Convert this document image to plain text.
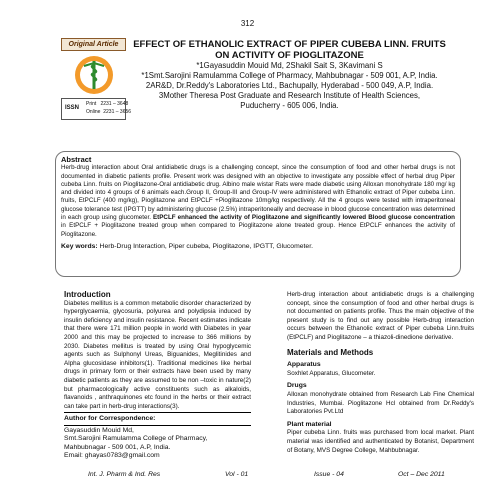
312
Original Article
ISSN
Print 2231 – 3648
Online 2231 – 3656
EFFECT OF ETHANOLIC EXTRACT OF PIPER CUBEBA LINN. FRUITS ON ACTIVITY OF PIOGLITAZONE
*1Gayasuddin Mouid Md, 2Shakil Sait S, 3Kavimani S
*1Smt.Sarojini Ramulamma College of Pharmacy, Mahbubnagar - 509 001, A.P, India.
2AR&D, Dr.Reddy's Laboratories Ltd., Bachupally, Hyderabad - 500 049, A.P, India.
3Mother Theresa Post Graduate and Research Institute of Health Sciences,
Puducherry - 605 006, India.
Abstract

Herb-drug interaction about Oral antidiabetic drugs is a challenging concept, since the consumption of food and other herbal drugs is not documented in diabetic patients profile. Present work was designed with an objective to investigate any possible effect of herbal drug Piper cubeba Linn. fruits on Pioglitazone-Oral antidiabetic drug. Albino male wistar Rats were made diabetic using Alloxan monohydrate 180 mg/ kg and divided into 4 groups of 6 animals each.Group II, Group-III and Group-IV were administered with Ethanolic extract of Piper cubeba Linn. fruits, EtPCLF (400 mg/kg), Pioglitazone and EtPCLF +Pioglitazone 10mg/kg respectively. All the 4 groups were tested with intraperitoneal glucose tolerance test (IPGTT) by administering glucose (2.5%) intraperitoneally and decrease in blood glucose concentration was determined in each group using glucometer. EtPCLF enhanced the activity of Pioglitazone and significantly lowered Blood glucose concentration in EtPCLF + Pioglitazone treated group when compared to Pioglitazone alone treated group. Hence EtPCLF enhances the activity of Pioglitazone.

Key words: Herb-Drug Interaction, Piper cubeba, Pioglitazone, IPGTT, Glucometer.

Introduction

Diabetes mellitus is a common metabolic disorder characterized by hyperglycaemia, glycosuria, polyurea and polydipsia induced by insulin deficiency and insulin resistance. Recent estimates indicate that there were 171 million people in world with Diabetes in year 2000 and this may be projected to increase to 366 millions by 2030. Diabetes mellitus is treated by using Oral hypoglycemic agents such as Sulphonyl Ureas, Biguanides, Meglitinides and Alpha glucosidase inhibitors(1). Traditional medicines like herbal drugs in primary form or their extracts have been used by many diabetic patients as they are assumed to be non –toxic in nature(2) but pharmacologically active constituents such as alkaloids, flavanoids , anthraquinones etc found in the herbs or their extract can take part in herb-drug interactions(3).

Author for Correspondence:
Gayasuddin Mouid Md,
Smt.Sarojini Ramulamma College of Pharmacy,
Mahbubnagar - 509 001, A.P, India.
Email: ghayas0783@gmail.com

Herb-drug interaction about antidiabetic drugs is a challenging concept, since the consumption of food and other herbal drugs is not documented on patients profile. Thus the main objective of the present study is to find out any possible Herb-drug interaction occurs between the Ethanolic extract of Piper cubeba Linn.fruits (EtPCLF) and Pioglitazone – a thiazoli-dinedione derivative.

Materials and Methods
Apparatus

Soxhlet Apparatus, Glucometer.

Drugs

Alloxan monohydrate obtained from Research Lab Fine Chemical Industries, Mumbai. Pioglitazone Hcl obtained from Dr.Reddy's Laboratories Pvt.Ltd

Plant material

Piper cubeba Linn. fruits was purchased from local market. Plant material was identified and authenticated by Botanist, Department of Botany, MVS Degree College, Mahbubnagar.

Int. J. Pharm & Ind. Res	Vol - 01	Issue - 04	Oct – Dec 2011
